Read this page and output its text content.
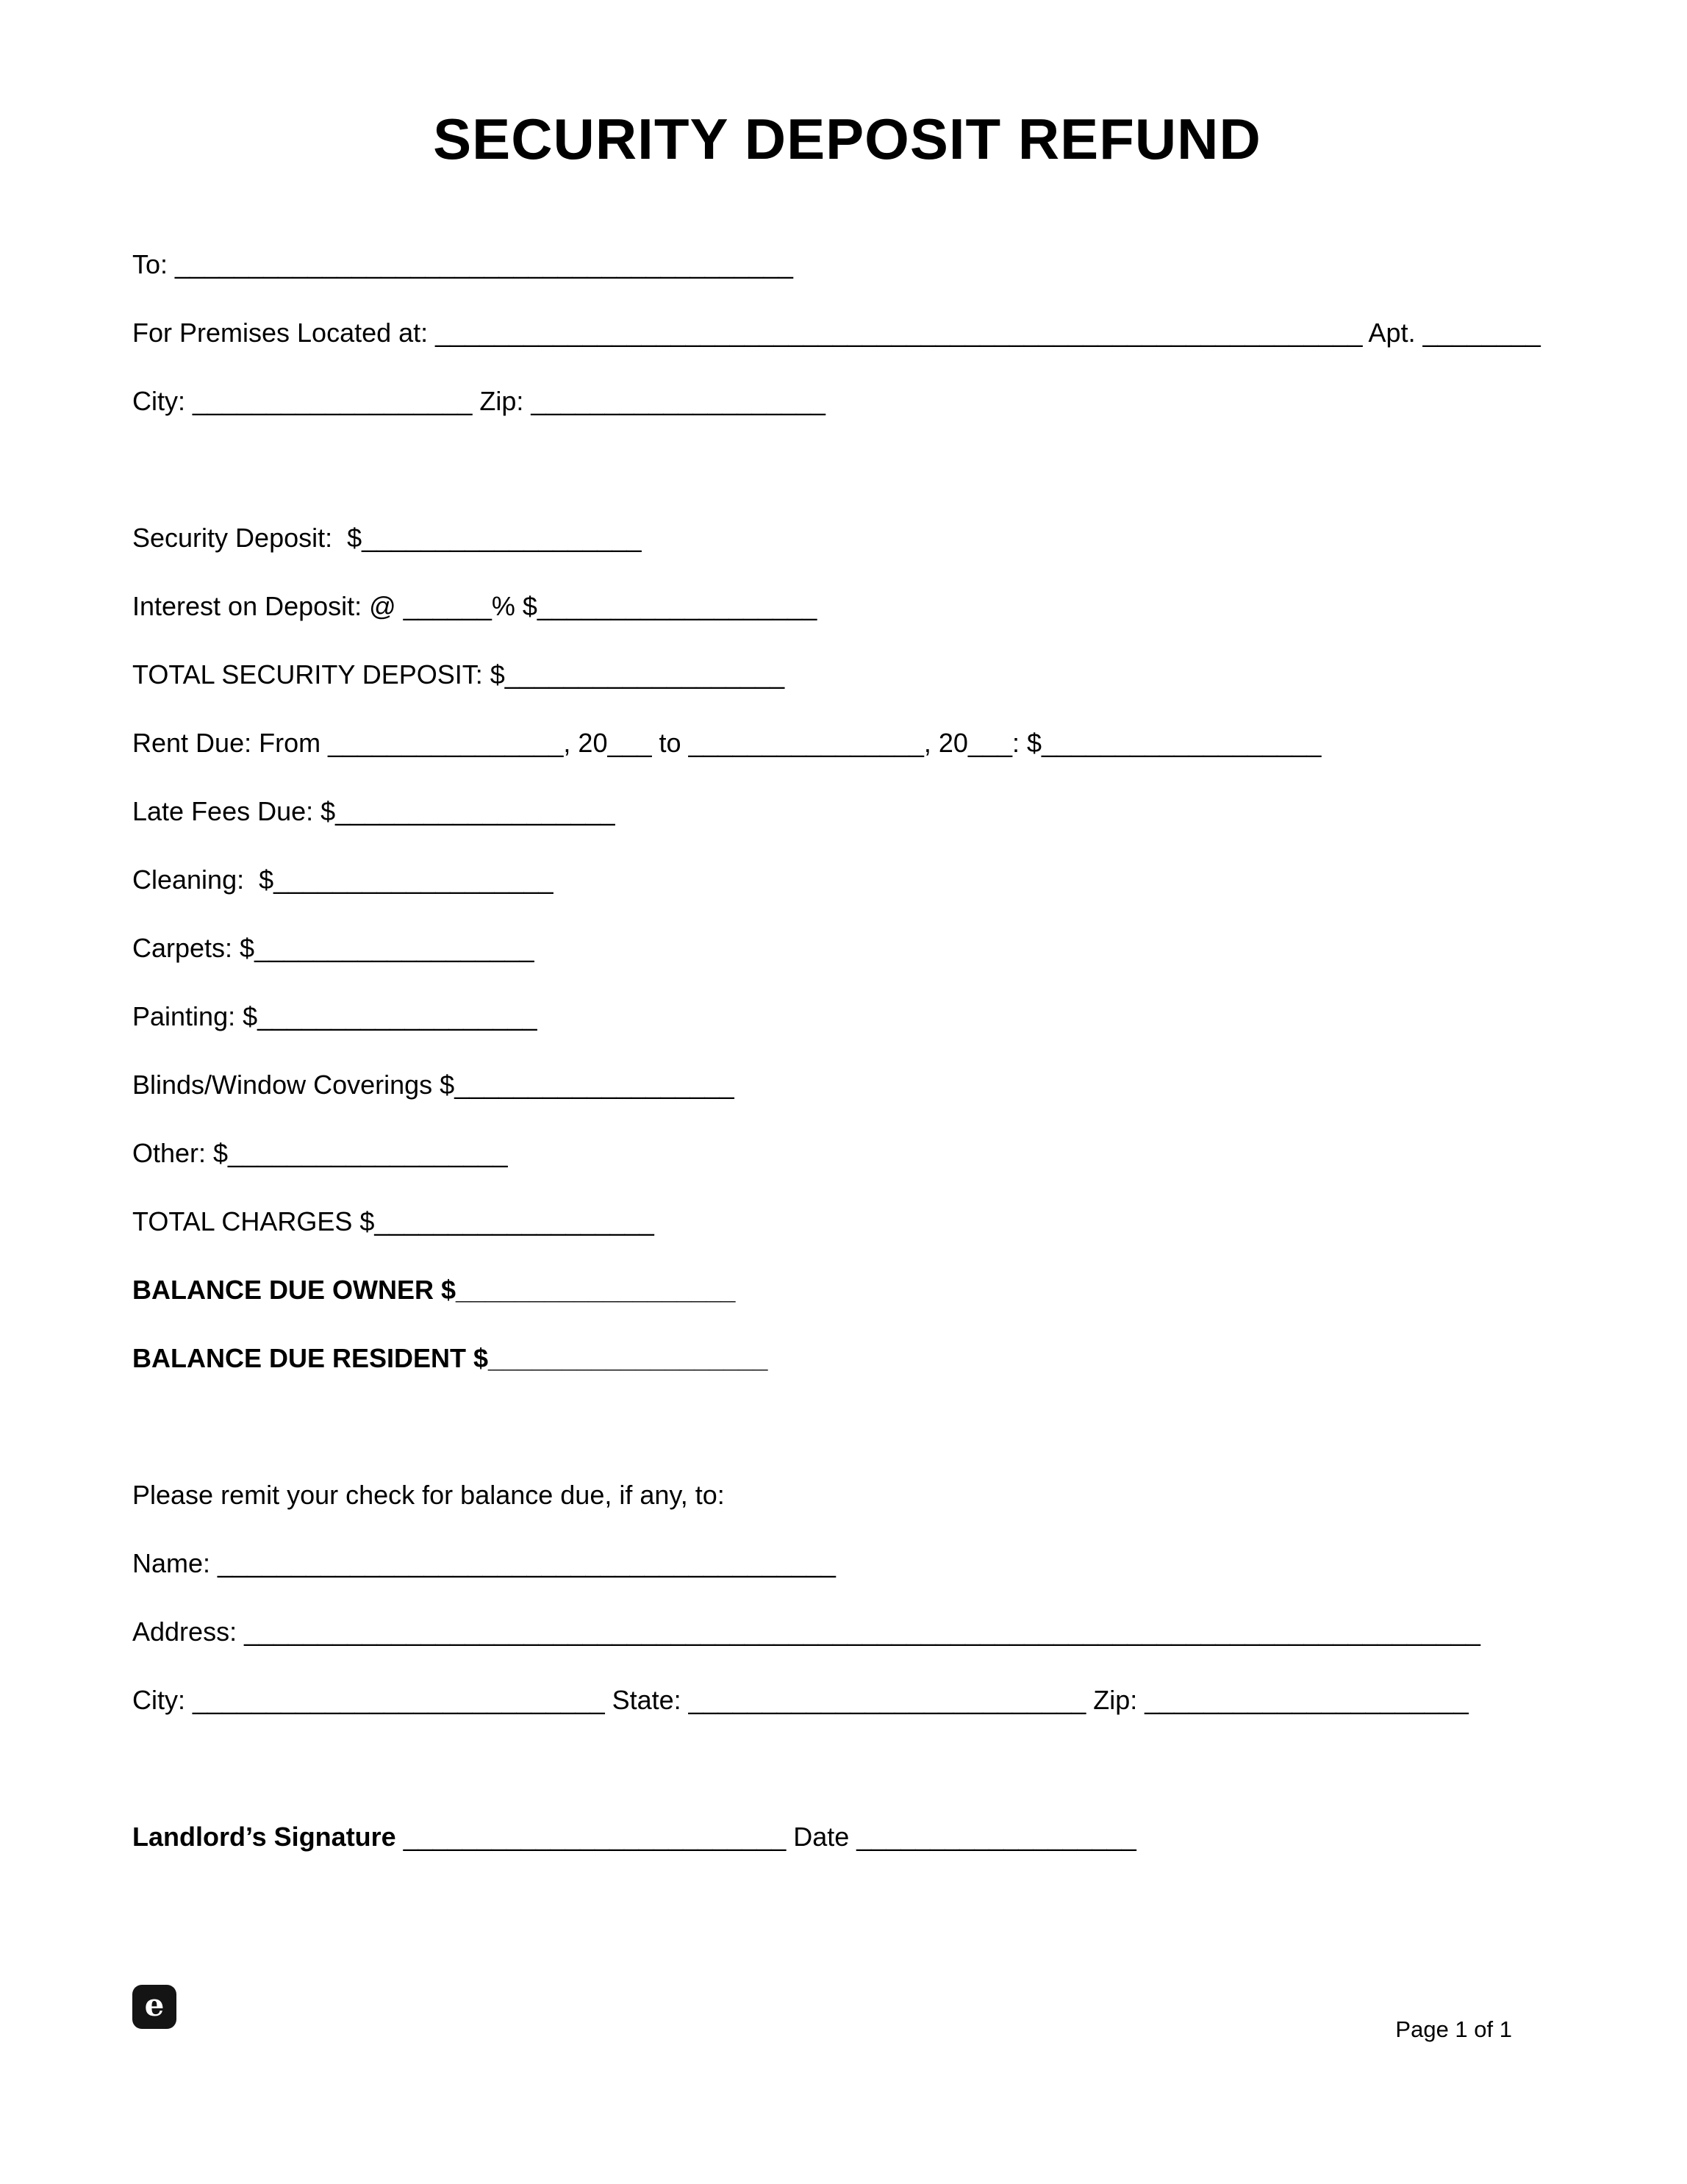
SECURITY DEPOSIT REFUND

To: __________________________________________

For Premises Located at: _______________________________________________________________ Apt. ________

City: ___________________ Zip: ____________________

Security Deposit:  $___________________

Interest on Deposit: @ ______% $___________________

TOTAL SECURITY DEPOSIT: $___________________

Rent Due: From ________________, 20___ to ________________, 20___: $___________________

Late Fees Due: $___________________

Cleaning:  $___________________

Carpets: $___________________

Painting: $___________________

Blinds/Window Coverings $___________________

Other: $___________________

TOTAL CHARGES $___________________

BALANCE DUE OWNER $___________________

BALANCE DUE RESIDENT $___________________

Please remit your check for balance due, if any, to:

Name: __________________________________________

Address: ____________________________________________________________________________________

City: ____________________________ State: ___________________________ Zip: ______________________

Landlord’s Signature __________________________ Date ___________________

e
Page 1 of 1
